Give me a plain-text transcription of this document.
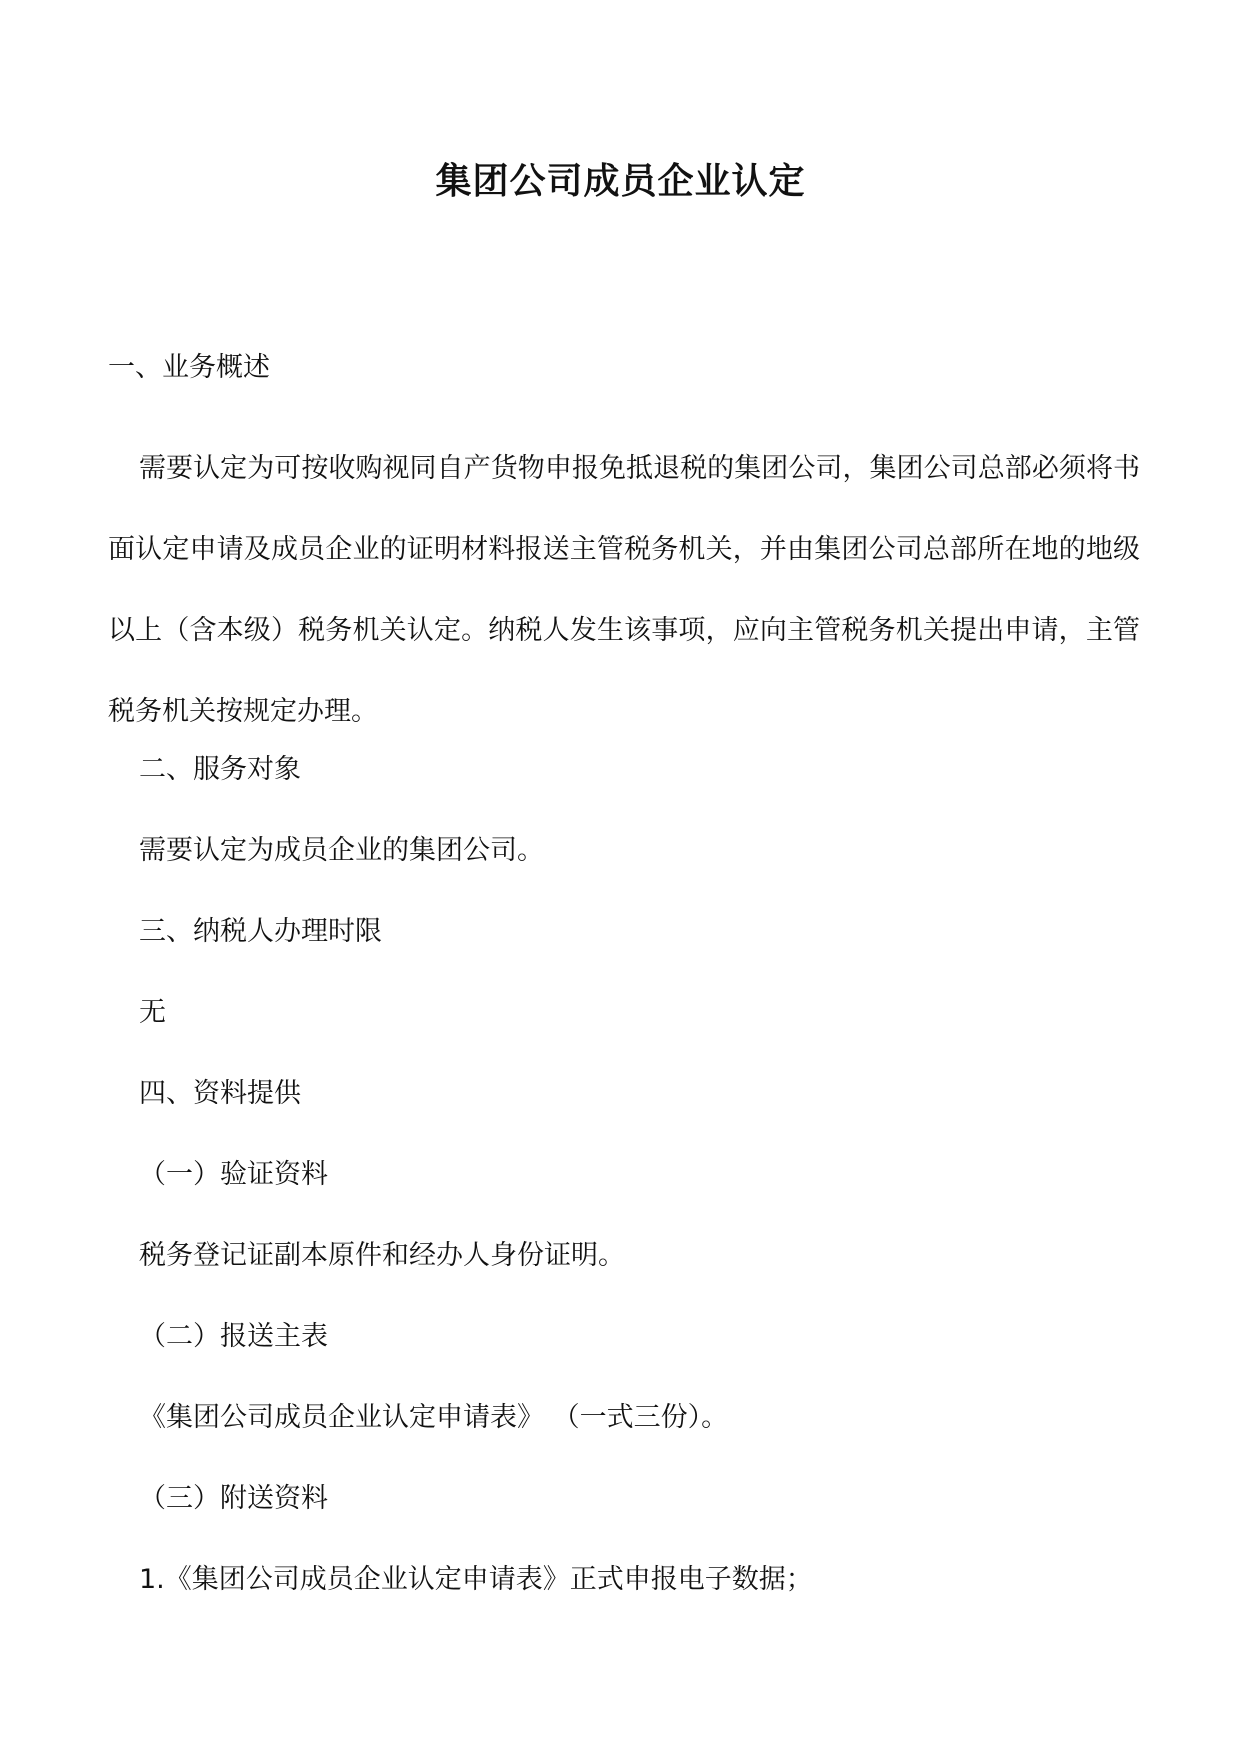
集团公司成员企业认定
一、业务概述
需要认定为可按收购视同自产货物申报免抵退税的集团公司，集团公司总部必须将书面认定申请及成员企业的证明材料报送主管税务机关，并由集团公司总部所在地的地级以上（含本级）税务机关认定。纳税人发生该事项，应向主管税务机关提出申请，主管税务机关按规定办理。
二、服务对象
需要认定为成员企业的集团公司。
三、纳税人办理时限
无
四、资料提供
（一）验证资料
税务登记证副本原件和经办人身份证明。
（二）报送主表
《集团公司成员企业认定申请表》 （一式三份）。
（三）附送资料
1.《集团公司成员企业认定申请表》正式申报电子数据；
